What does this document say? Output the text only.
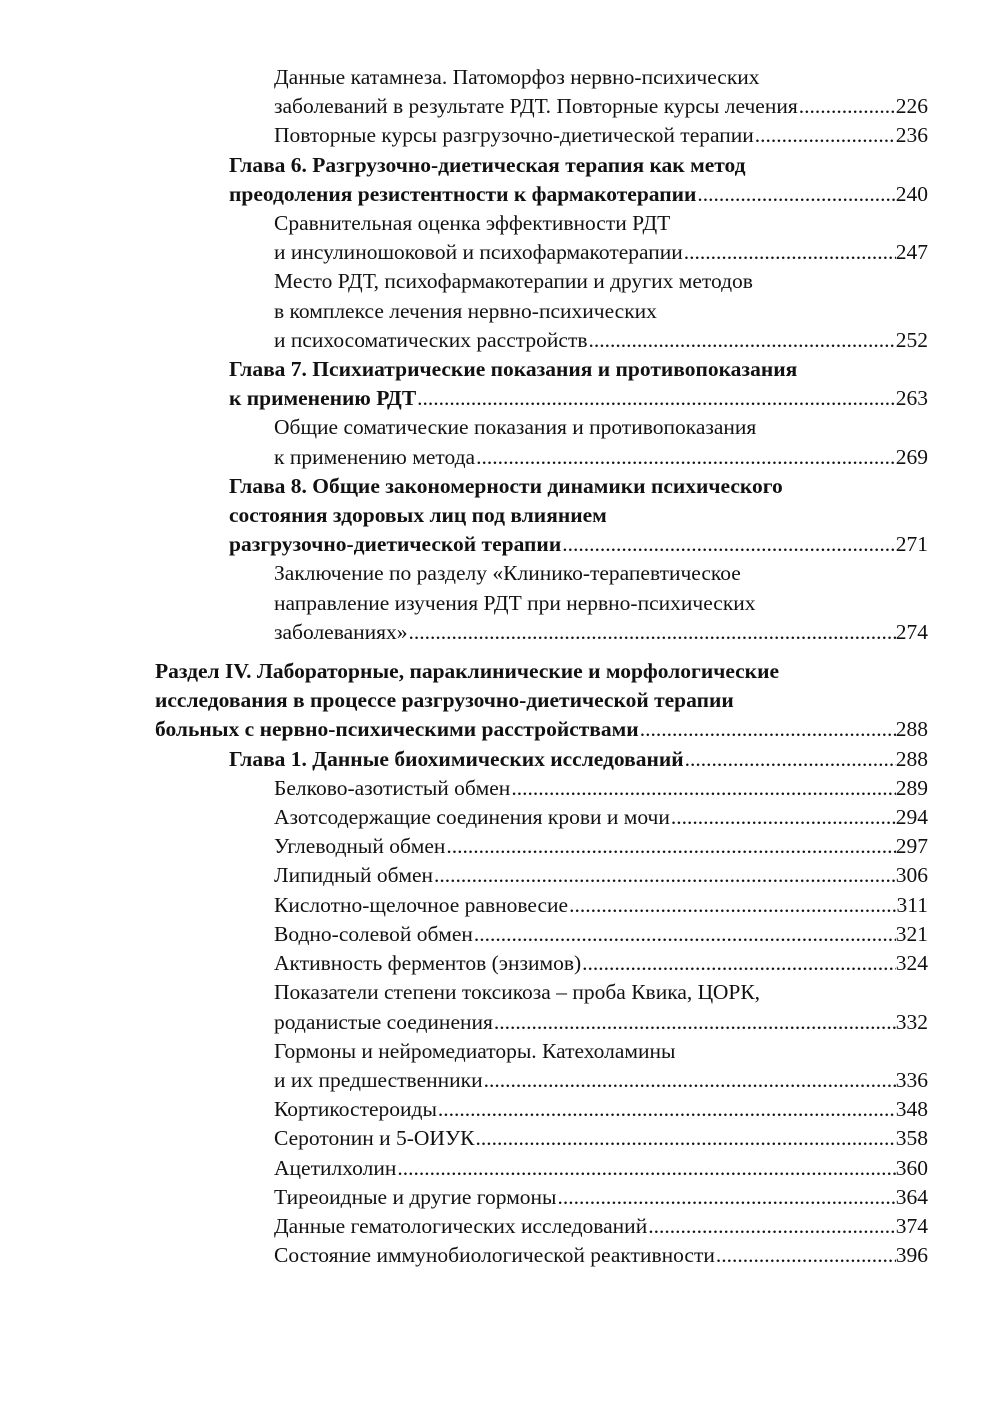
Данные катамнеза. Патоморфоз нервно-психических
заболеваний в результате РДТ. Повторные курсы лечения .....	226
Повторные курсы разгрузочно-диетической терапии .....	236
Глава 6. Разгрузочно-диетическая терапия как метод
преодоления резистентности к фармакотерапии .....	240
Сравнительная оценка эффективности РДТ
и инсулиношоковой и психофармакотерапии .....	247
Место РДТ, психофармакотерапии и других методов
в комплексе лечения нервно-психических
и психосоматических расстройств .....	252
Глава 7. Психиатрические показания и противопоказания
к применению РДТ .....	263
Общие соматические показания и противопоказания
к применению метода .....	269
Глава 8. Общие закономерности динамики психического
состояния здоровых лиц под влиянием
разгрузочно-диетической терапии .....	271
Заключение по разделу «Клинико-терапевтическое
направление изучения РДТ при нервно-психических
заболеваниях» .....	274
Раздел IV. Лабораторные, параклинические и морфологические
исследования в процессе разгрузочно-диетической терапии
больных с нервно-психическими расстройствами .....	288
Глава 1. Данные биохимических исследований .....	288
Белково-азотистый обмен .....	289
Азотсодержащие соединения крови и мочи .....	294
Углеводный обмен .....	297
Липидный обмен .....	306
Кислотно-щелочное равновесие .....	311
Водно-солевой обмен .....	321
Активность ферментов (энзимов) .....	324
Показатели степени токсикоза – проба Квика, ЦОРК,
роданистые соединения .....	332
Гормоны и нейромедиаторы. Катехоламины
и их предшественники .....	336
Кортикостероиды .....	348
Серотонин и 5-ОИУК .....	358
Ацетилхолин .....	360
Тиреоидные и другие гормоны .....	364
Данные гематологических исследований .....	374
Состояние иммунобиологической реактивности .....	396
